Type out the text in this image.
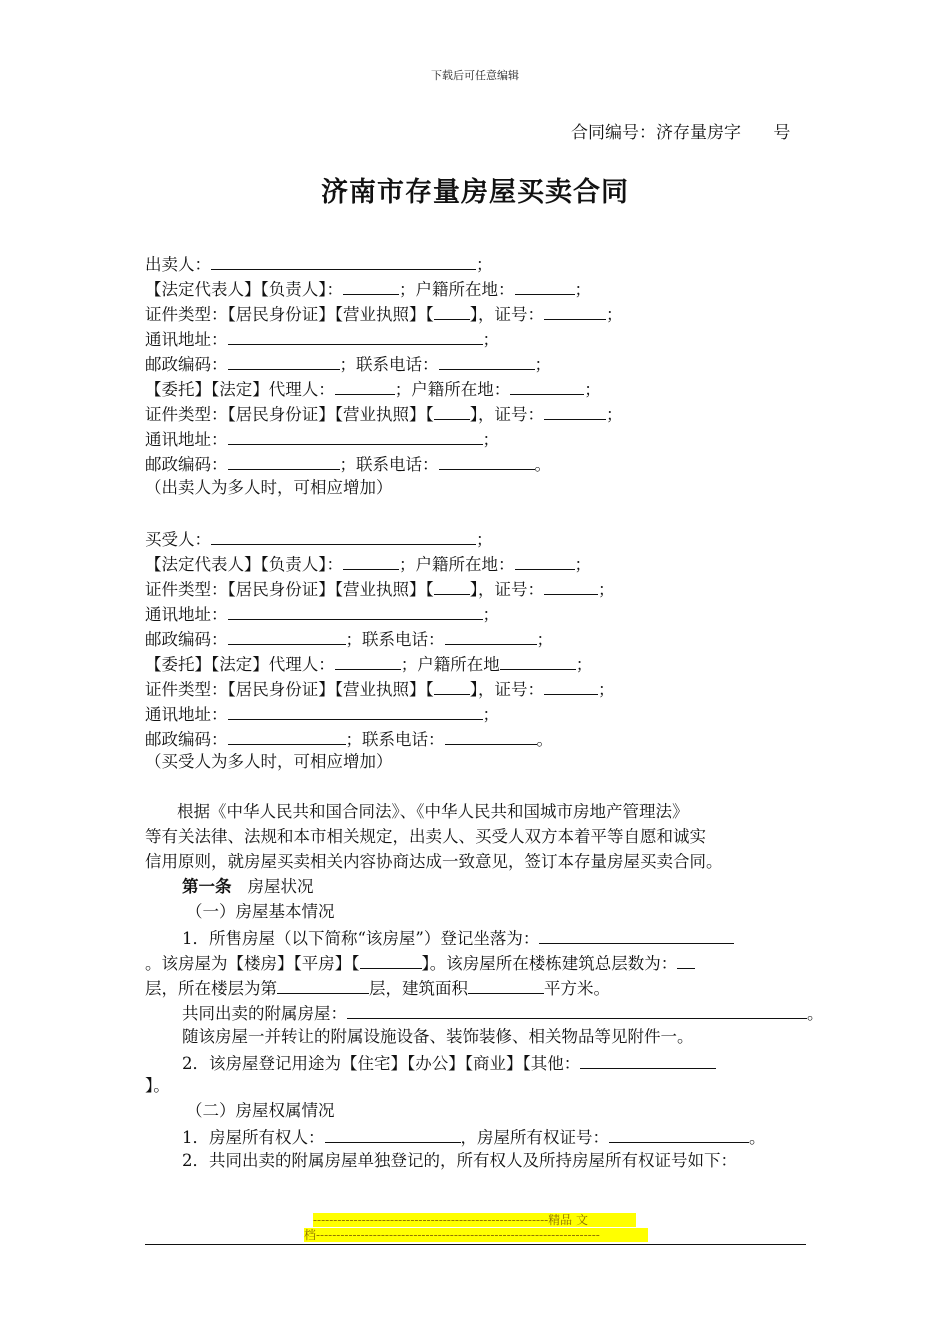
下载后可任意编辑
合同编号：济存量房字      号
济南市存量房屋买卖合同
出卖人：	；
【法定代表人】【负责人】：	；户籍所在地：	；
证件类型：【居民身份证】【营业执照】【 】，证号：	；
通讯地址：	；
邮政编码：	；联系电话：	；
【委托】【法定】代理人：	；户籍所在地：	；
证件类型：【居民身份证】【营业执照】【 】，证号：	；
通讯地址：	；
邮政编码：	；联系电话：	。
（出卖人为多人时，可相应增加）
买受人：	；
【法定代表人】【负责人】：	；户籍所在地：	；
证件类型：【居民身份证】【营业执照】【 】，证号：	；
通讯地址：	；
邮政编码：	；联系电话：	；
【委托】【法定】代理人：	；户籍所在地	；
证件类型：【居民身份证】【营业执照】【 】，证号：	；
通讯地址：	；
邮政编码：	；联系电话：	。
（买受人为多人时，可相应增加）
根据《中华人民共和国合同法》、《中华人民共和国城市房地产管理法》
等有关法律、法规和本市相关规定，出卖人、买受人双方本着平等自愿和诚实
信用原则，就房屋买卖相关内容协商达成一致意见，签订本存量房屋买卖合同。
第一条 房屋状况
（一）房屋基本情况
1．所售房屋（以下简称“该房屋”）登记坐落为：
。该房屋为【楼房】【平房】【	】。该房屋所在楼栋建筑总层数为：
层，所在楼层为第	层，建筑面积	平方米。
共同出卖的附属房屋：	。
随该房屋一并转让的附属设施设备、装饰装修、相关物品等见附件一。
2．该房屋登记用途为【住宅】【办公】【商业】【其他：
】。
（二）房屋权属情况
1．房屋所有权人：	，房屋所有权证号：	。
2．共同出卖的附属房屋单独登记的，所有权人及所持房屋所有权证号如下：
----------------------------------------------------------精品 文
档----------------------------------------------------------------------
